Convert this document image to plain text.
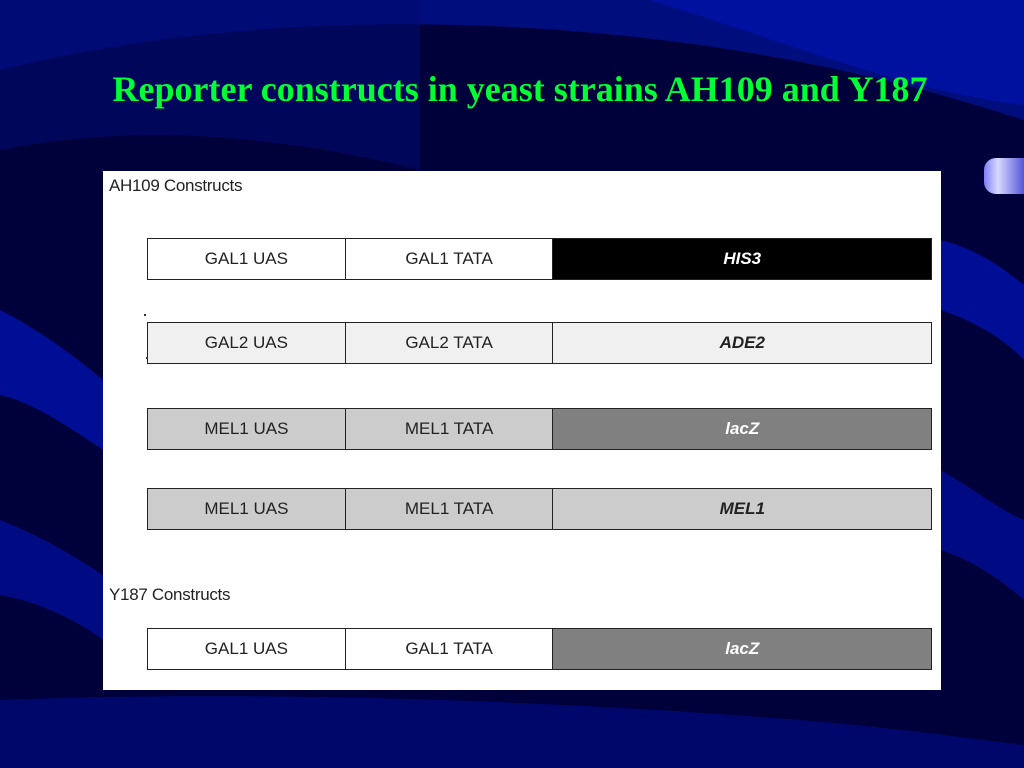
Reporter constructs in yeast strains AH109 and Y187
AH109 Constructs
GAL1 UAS	GAL1 TATA	HIS3
GAL2 UAS	GAL2 TATA	ADE2
MEL1 UAS	MEL1 TATA	lacZ
MEL1 UAS	MEL1 TATA	MEL1
Y187 Constructs
GAL1 UAS	GAL1 TATA	lacZ
